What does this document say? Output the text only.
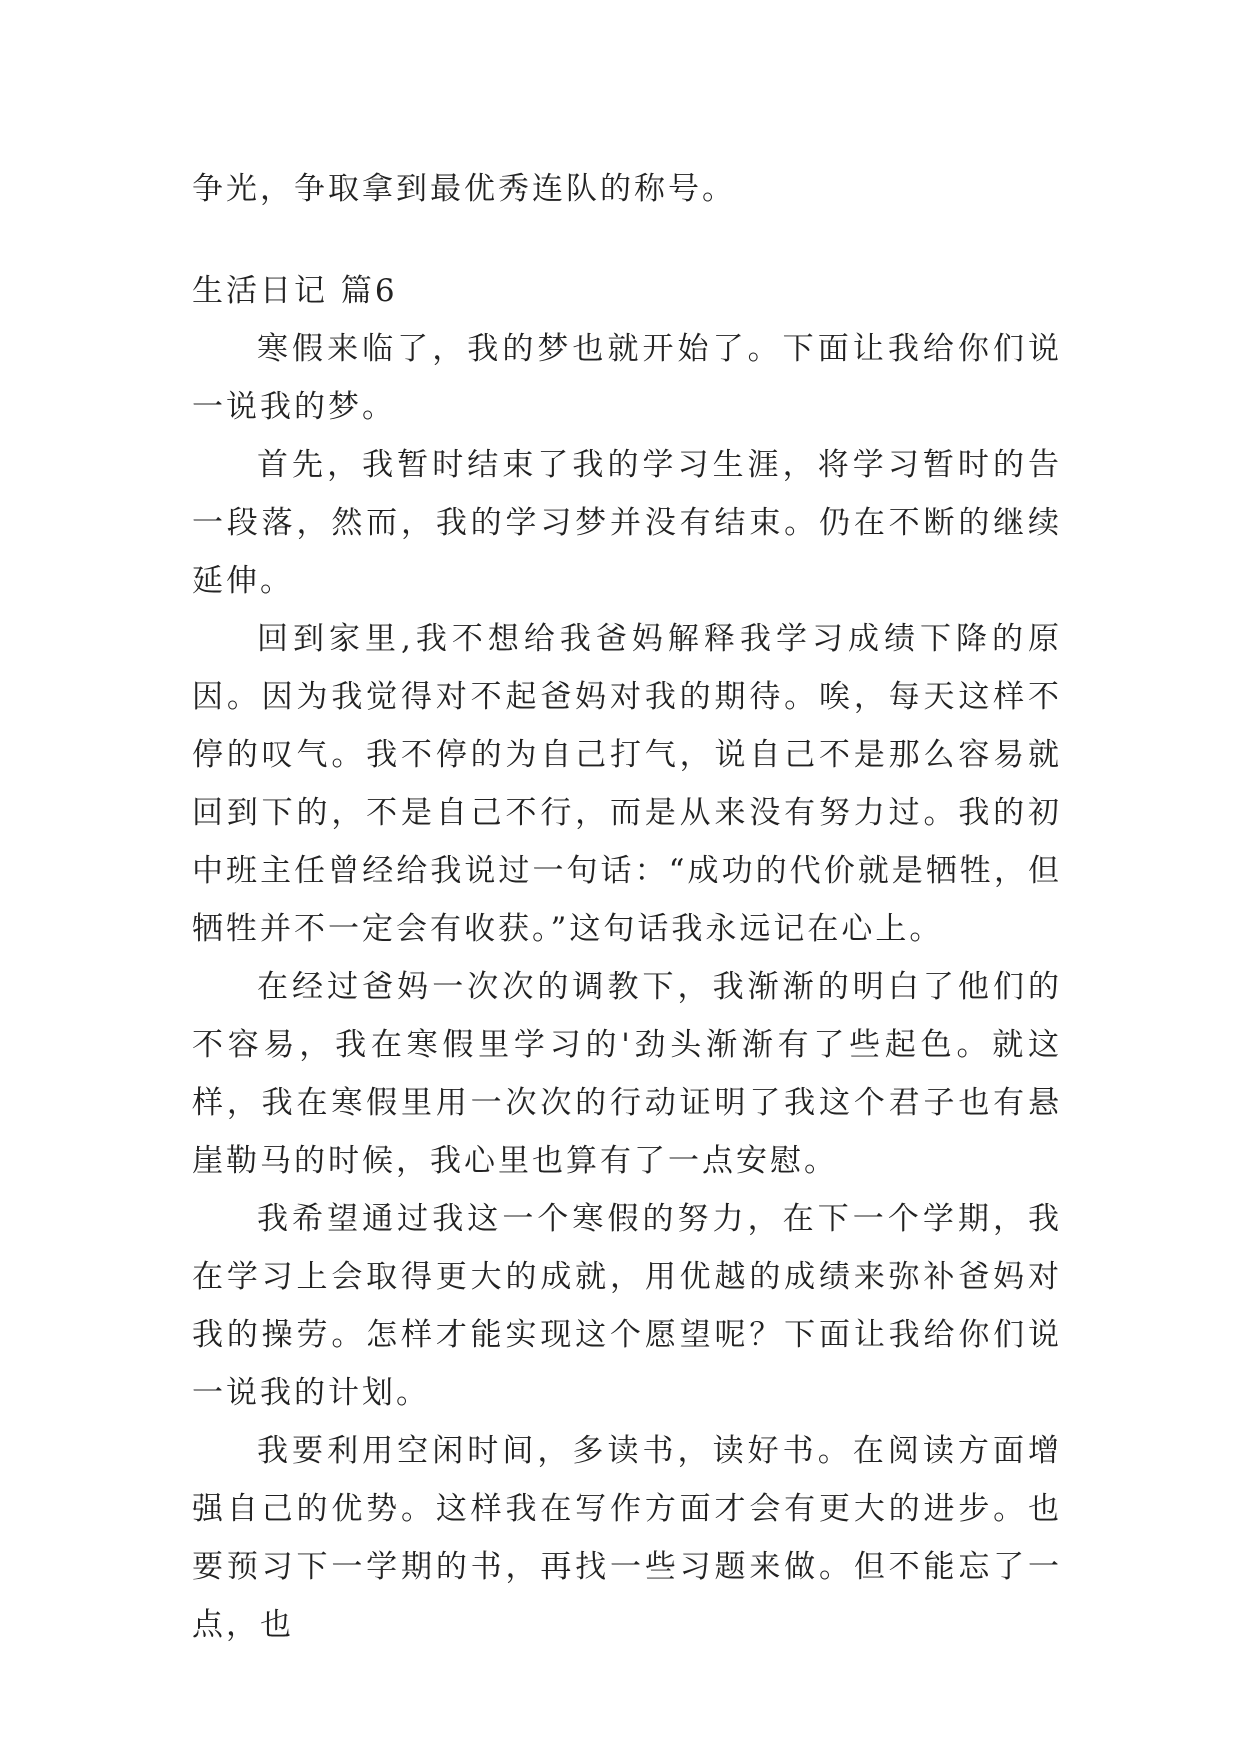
争光，争取拿到最优秀连队的称号。

生活日记 篇6

寒假来临了，我的梦也就开始了。下面让我给你们说一说我的梦。

首先，我暂时结束了我的学习生涯，将学习暂时的告一段落，然而，我的学习梦并没有结束。仍在不断的继续延伸。

回到家里,我不想给我爸妈解释我学习成绩下降的原因。因为我觉得对不起爸妈对我的期待。唉，每天这样不停的叹气。我不停的为自己打气，说自己不是那么容易就回到下的，不是自己不行，而是从来没有努力过。我的初中班主任曾经给我说过一句话：“成功的代价就是牺牲，但牺牲并不一定会有收获。”这句话我永远记在心上。

在经过爸妈一次次的调教下，我渐渐的明白了他们的不容易，我在寒假里学习的'劲头渐渐有了些起色。就这样，我在寒假里用一次次的行动证明了我这个君子也有悬崖勒马的时候，我心里也算有了一点安慰。

我希望通过我这一个寒假的努力，在下一个学期，我在学习上会取得更大的成就，用优越的成绩来弥补爸妈对我的操劳。怎样才能实现这个愿望呢？下面让我给你们说一说我的计划。

我要利用空闲时间，多读书，读好书。在阅读方面增强自己的优势。这样我在写作方面才会有更大的进步。也要预习下一学期的书，再找一些习题来做。但不能忘了一点，也
